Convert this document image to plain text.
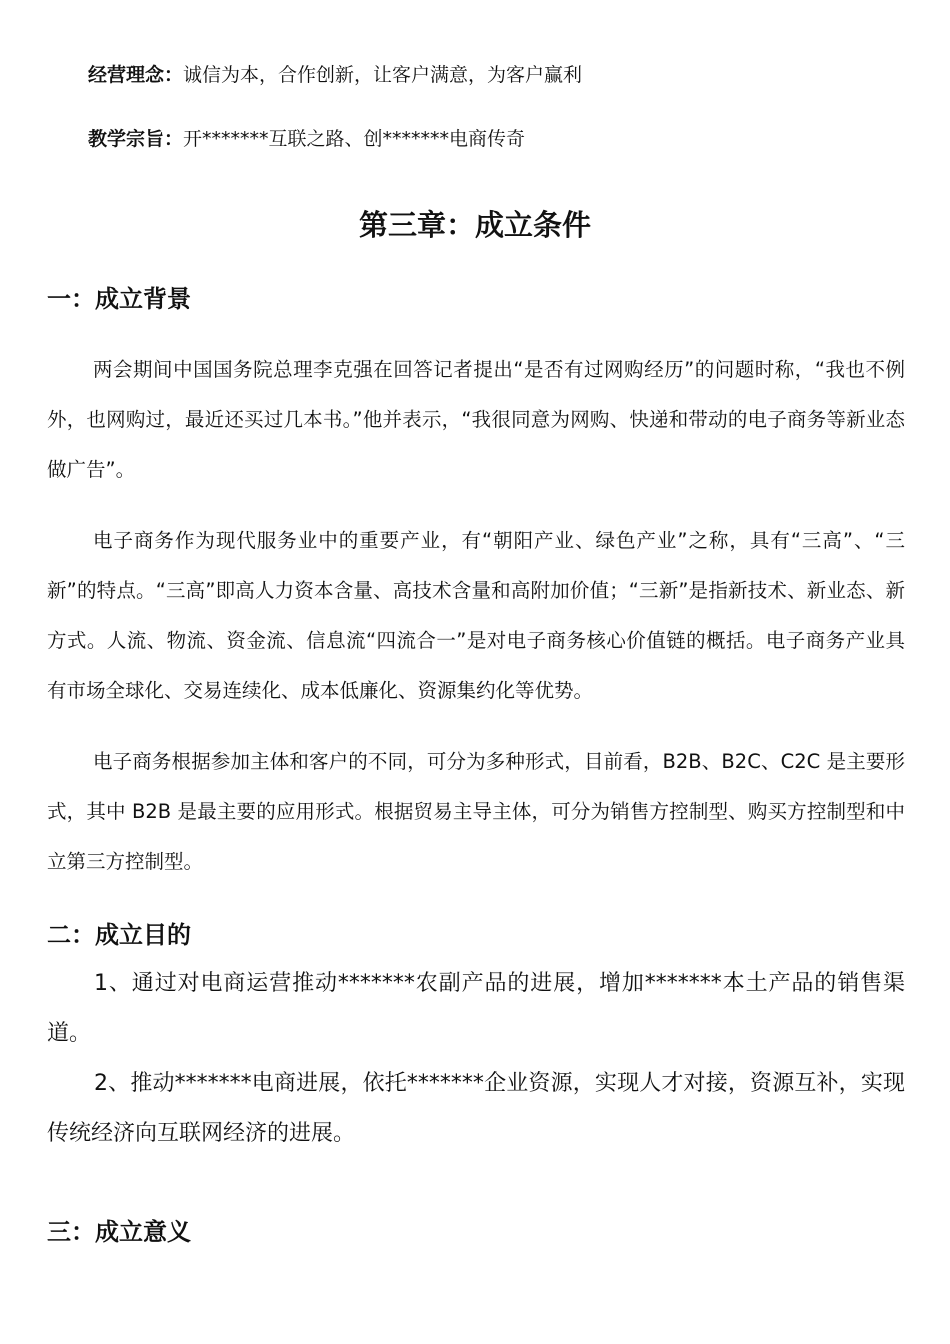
经营理念：诚信为本，合作创新，让客户满意，为客户赢利
教学宗旨：开*******互联之路、创*******电商传奇
第三章：成立条件
一：成立背景

两会期间中国国务院总理李克强在回答记者提出“是否有过网购经历”的问题时称，“我也不例外，也网购过，最近还买过几本书。”他并表示，“我很同意为网购、快递和带动的电子商务等新业态做广告”。

电子商务作为现代服务业中的重要产业，有“朝阳产业、绿色产业”之称，具有“三高”、“三新”的特点。“三高”即高人力资本含量、高技术含量和高附加价值；“三新”是指新技术、新业态、新方式。人流、物流、资金流、信息流“四流合一”是对电子商务核心价值链的概括。电子商务产业具有市场全球化、交易连续化、成本低廉化、资源集约化等优势。

电子商务根据参加主体和客户的不同，可分为多种形式，目前看，B2B、B2C、C2C 是主要形式，其中 B2B 是最主要的应用形式。根据贸易主导主体，可分为销售方控制型、购买方控制型和中立第三方控制型。

二：成立目的

1、通过对电商运营推动*******农副产品的进展，增加*******本土产品的销售渠道。

2、推动*******电商进展，依托*******企业资源，实现人才对接，资源互补，实现传统经济向互联网经济的进展。

三：成立意义
